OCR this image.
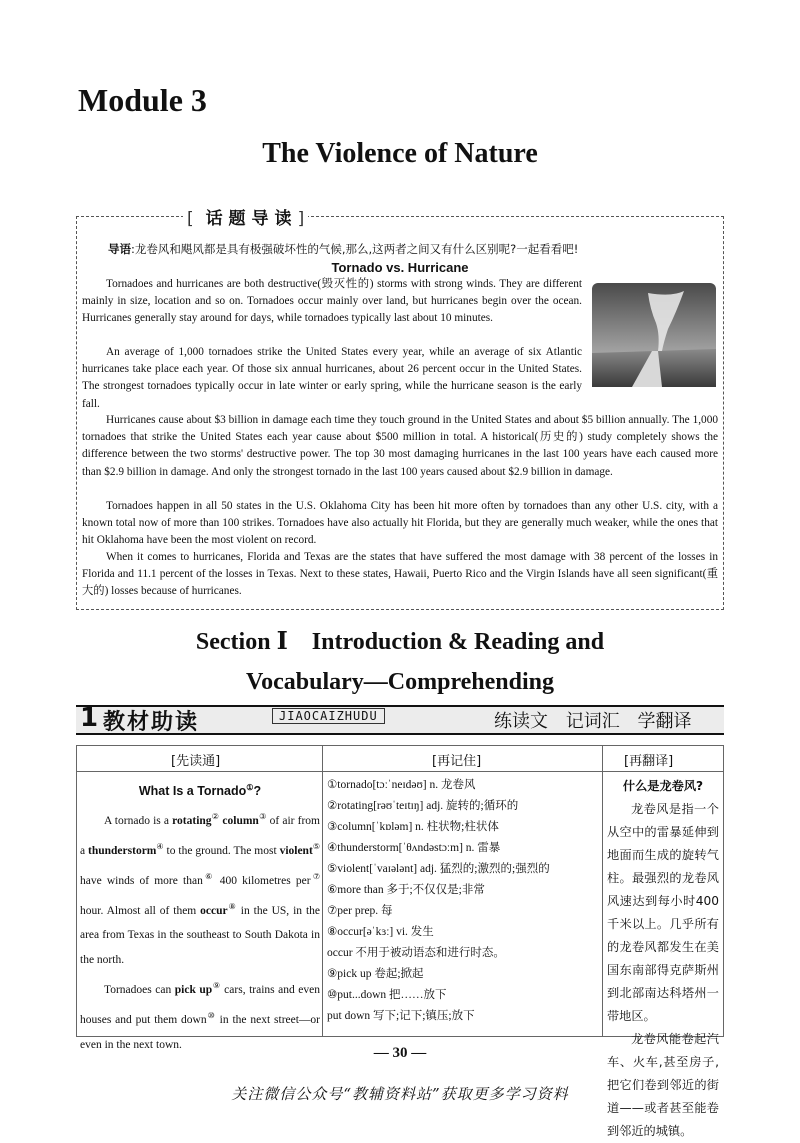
Module 3
The Violence of Nature
[ 话题导读]
导语:龙卷风和飓风都是具有极强破坏性的气候,那么,这两者之间又有什么区别呢?一起看看吧!
Tornado vs. Hurricane

Tornadoes and hurricanes are both destructive(毁灭性的) storms with strong winds. They are different mainly in size, location and so on. Tornadoes occur mainly over land, but hurricanes begin over the ocean. Hurricanes generally stay around for days, while tornadoes typically last about 10 minutes.

An average of 1,000 tornadoes strike the United States every year, while an average of six Atlantic hurricanes take place each year. Of those six annual hurricanes, about 26 percent occur in the United States. The strongest tornadoes typically occur in late winter or early spring, while the hurricane season is the early fall.

Hurricanes cause about $3 billion in damage each time they touch ground in the United States and about $5 billion annually. The 1,000 tornadoes that strike the United States each year cause about $500 million in total. A historical(历史的) study completely shows the difference between the two storms' destructive power. The top 30 most damaging hurricanes in the last 100 years have each caused more than $2.9 billion in damage. And only the strongest tornado in the last 100 years caused about $2.9 billion in damage.

Tornadoes happen in all 50 states in the U.S. Oklahoma City has been hit more often by tornadoes than any other U.S. city, with a known total now of more than 100 strikes. Tornadoes have also actually hit Florida, but they are generally much weaker, while the ones that hit Oklahoma have been the most violent on record.

When it comes to hurricanes, Florida and Texas are the states that have suffered the most damage with 38 percent of the losses in Florida and 11.1 percent of the losses in Texas. Next to these states, Hawaii, Puerto Rico and the Virgin Islands have all seen significant(重大的) losses because of hurricanes.

Section Ⅰ    Introduction & Reading and
Vocabulary—Comprehending
1 教材助读	JIAOCAIZHUDU	练读文 记词汇 学翻译
[先读通]	[再记住]	[再翻译]
What Is a Tornado①?

A tornado is a rotating② column③ of air from a thunderstorm④ to the ground. The most violent⑤ have winds of more than⑥ 400 kilometres per⑦ hour. Almost all of them occur⑧ in the US, in the area from Texas in the southeast to South Dakota in the north.

Tornadoes can pick up⑨ cars, trains and even houses and put them down⑩ in the next street—or even in the next town.

①tornado[tɔːˈneɪdəʊ] n. 龙卷风
②rotating[rəʊˈteɪtɪŋ] adj. 旋转的;循环的
③column[ˈkɒləm] n. 柱状物;柱状体
④thunderstorm[ˈθʌndəstɔːm] n. 雷暴
⑤violent[ˈvaɪələnt] adj. 猛烈的;激烈的;强烈的
⑥more than 多于;不仅仅是;非常
⑦per prep. 每
⑧occur[əˈkɜː] vi. 发生
occur 不用于被动语态和进行时态。
⑨pick up 卷起;掀起
⑩put...down 把……放下
put down 写下;记下;镇压;放下
什么是龙卷风?

龙卷风是指一个从空中的雷暴延伸到地面而生成的旋转气柱。最强烈的龙卷风风速达到每小时400千米以上。几乎所有的龙卷风都发生在美国东南部得克萨斯州到北部南达科塔州一带地区。

龙卷风能卷起汽车、火车,甚至房子,把它们卷到邻近的街道——或者甚至能卷到邻近的城镇。

— 30 —
关注微信公众号“教辅资料站”获取更多学习资料
